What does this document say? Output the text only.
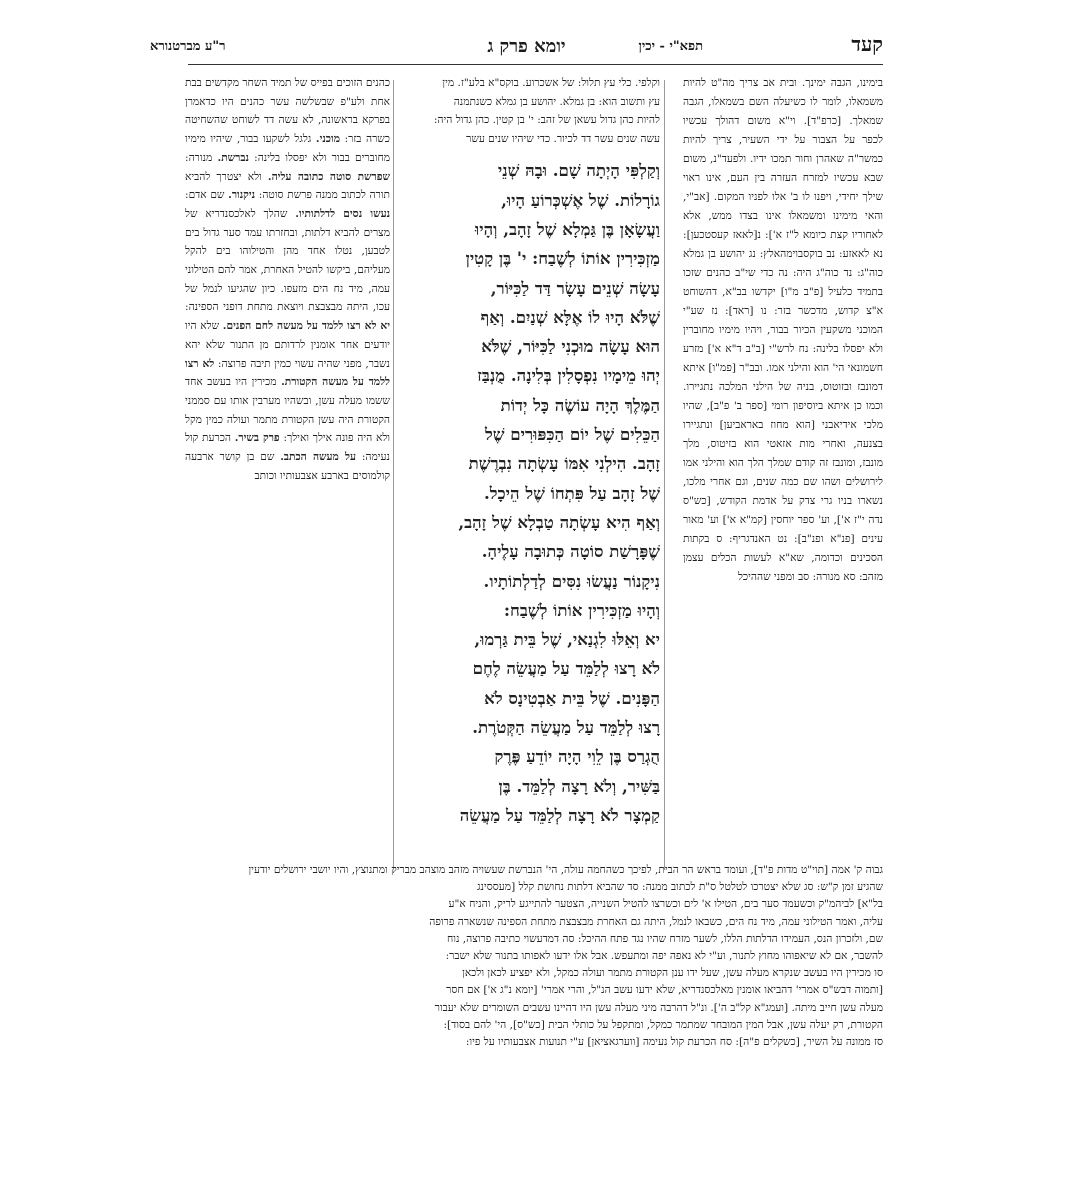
קעד
תפא"י - יכין
יומא פרק ג
ר"ע מברטנורא
בימינו, הגבה ימינך. ובית אב צריך מה"ט להיות משמאלו, לומר לו כשיעלה השם בשמאלו, הגבה שמאלך. [כרפ"ד]. וי"א משום דהולך עכשיו לכפר על הצבור על ידי השעיר, צריך להיות כמשר"ה שאהרן וחור תמכו ידיו. ולפעד"נ, משום שבא עכשיו למזרח העזרה בין העם, אינו ראוי שילך יחידי, ויפנו לו ב' אלו לפניו המקום. [אב"י, והאי מימינו ומשמאלו אינו בצדו ממש, אלא לאחוריו קצת כיומא ל"ז א']: נ[לאאז קעסטכען]: נא לאאזע: נב בוקסבוימהאלץ: נג יהושע בן גמלא כוה"ג: נד כוה"ג היה: נה כדי שי"ב כהנים שזכו בתמיד כלעיל [פ"ב מ"ו] יקדשו בב"א, דהשוחט א"צ קדוש, מדכשר בזר: נו [ראד]: נז שע"י המוכני משקעין הכיור בבור, ויהיו מימיו מחוברין ולא יפסלו בלינה: נח לרש"י [ב"ב ד"א א'] מזרע חשמונאי הי' הוא והילני אמו. ובב"ר [פמ"ו] איתא דמונבז ובזוטוס, בניה של הילני המלכה נתגיירו. וכמו כן איתא ביוסיפון רומי [ספר ב' פ"ב], שהיו מלכי אידיאבני [הוא מחוז באראביען] ונתגיירו בצנעה, ואחרי מות אזאטי הוא בזיטוס, מלך מונבז, ומונבז זה קודם שמלך הלך הוא והילני אמו לירושלים ושהו שם כמה שנים, וגם אחרי מלכו, נשארו בניו גרי צדק על אדמת הקודש, [כש"ס נדה י"ז א'], וע' ספר יוחסין [קמ"א א'] וע' מאור עינים [פנ"א ופנ"ב]: נט האנדגריף: ס בקתות הסכינים וכדומה, שא"א לעשות הכלים עצמן מזהב: סא מנורה: סב ומפני שההיכל
וקלפי. כלי עץ תלול: של אשכרוע. בוקס"א בלע"ז. מין
עץ ותשוב הוא: בן גמלא. יהושע בן גמלא כשנתמנה
להיות כהן גדול עשאן של זהב: י' בן קטין. כהן גדול היה:
עשה שנים עשר דד לכיור. כדי שיהיו שנים עשר
וְקַלְפִּי הָיְתָה שָׁם. וּבָהּ שְׁנֵי
גוֹרָלוֹת. שֶׁל אֶשְׁכְּרוֹעַ הָיוּ,
וַעֲשָׂאָן בֶּן גַּמְלָא שֶׁל זָהָב, וְהָיוּ
מַזְכִּירִין אוֹתוֹ לְשֶׁבַח: י' בֶּן קָטִין
עָשָׂה שְׁנֵים עָשָׂר דַּד לַכִּיּוֹר,
שֶׁלֹּא הָיוּ לוֹ אֶלָּא שְׁנַיִם. וְאַף
הוּא עָשָׂה מוּכְנִי לַכִּיּוֹר, שֶׁלֹּא
יְהוּ מֵימָיו נִפְסָלִין בְּלִינָה. מֻנְבַּז
הַמֶּלֶךְ הָיָה עוֹשֶׂה כָּל יְדוֹת
הַכֵּלִים שֶׁל יוֹם הַכִּפּוּרִים שֶׁל
זָהָב. הִילְנִי אִמּוֹ עָשְׂתָה נִבְרֶשֶׁת
שֶׁל זָהָב עַל פִּתְחוֹ שֶׁל הֵיכָל.
וְאַף הִיא עָשְׂתָה טַבְלָא שֶׁל זָהָב,
שֶׁפָּרָשַׁת סוֹטָה כְּתוּבָה עָלֶיהָ.
נִיקָנוֹר נַעֲשׂוּ נִסִּים לְדַלְתוֹתָיו.
וְהָיוּ מַזְכִּירִין אוֹתוֹ לְשֶׁבַח:
יא וְאֵלּוּ לִגְנַאי, שֶׁל בֵּית גַּרְמוּ,
לֹא רָצוּ לְלַמֵּד עַל מַעֲשֵׂה לֶחֶם
הַפָּנִים. שֶׁל בֵּית אַבְטִינָס לֹא
רָצוּ לְלַמֵּד עַל מַעֲשֵׂה הַקְּטֹרֶת.
הֻגְרַס בֶּן לֵוִי הָיָה יוֹדֵעַ פֶּרֶק
בַּשִּׁיר, וְלֹא רָצָה לְלַמֵּד. בֶּן
קַמְצָר לֹא רָצָה לְלַמֵּד עַל מַעֲשֵׂה
כהנים הזוכים בפייס של תמיד השחר מקדשים בבת אחת ולע"פ שבשלשה עשר כהנים היו כדאמרן בפרקא בראשונה, לא עשה דד לשוחט שהשחיטה כשרה בזר: מוכני. גלגל לשקעו בבור, שיהיו מימיו מחוברים בבור ולא יפסלו בלינה: נברשת. מנורה: שפרשת סוטה כתובה עליה. ולא יצטרך להביא תורה לכתוב ממנה פרשת סוטה: ניקנור. שם אדם: נעשו נסים לדלתותיו. שהלך לאלכסנדריא של מצרים להביא דלתות, ובחזרתו עמד סער גדול בים לטבען, נטלו אחד מהן והטילוהו בים להקל מעליהם, ביקשו להטיל האחרת, אמר להם הטילוני עמה, מיד נח הים מזעפו. כיון שהגיעו לנמל של עכו, היתה מבצבצת ויוצאת מתחת דופני הספינה: יא לא רצו ללמד על מעשה לחם הפנים. שלא היו יודעים אחר אומנין לרדותם מן התנור שלא יהא נשבר, מפני שהיה עשוי כמין תיבה פרוצה: לא רצו ללמד על מעשה הקטורת. מכירין היו בעשב אחד ששמו מעלה עשן, ובשהיו מערבין אותו עם סממני הקטורת היה עשן הקטורת מתמר ועולה כמין מקל ולא היה פונה אילך ואילך: פרק בשיר. הכרעת קול נעימה: על מעשה הכתב. שם בן קושר ארבעה קולמוסים בארבע אצבעותיו וכותב
גבוה ק' אמה [תוי"ט מדות פ"ד], ועומד בראש הר הבית, לפיכך כשהחמה עולה, הי' הנברשת שעשויה מזהב מוצהב מבריק ומתנוצץ, והיו יושבי ירושלים יודעין
שהגיע זמן ק"ש: סג שלא יצטרכו לטלטל ס"ת לכתוב ממנה: סד שהביא דלתות נחושת קלל [מעססינג
בל"א] לביהמ"ק וכשעמד סער בים, הטילו א' לים וכשרצו להטיל השנייה, הצטער להתייגע לריק, והניח א"ע
עליה, ואמר הטילוני עמה, מיד נח הים, כשבאו לנמל, היתה גם האחרת מבצבצת מתחת הספינה שנשארה פרופה
שם, ולזכרון הנס, העמידו הדלתות הללו, לשער מזרח שהיו נגד פתח ההיכל: סה דמדעשוי כתיבה פרוצה, נוח
להשבר, אם לא שיאפוהו מחוץ לתנור, וע"י לא נאפה יפה ומתעפש. אבל אלו ידעו לאפותו בתנור שלא ישבר:
סו מכירין היו בעשב שנקרא מעלה עשן, שעל ידו ענן הקטורת מתמר ועולה כמקל, ולא יפציע לכאן ולכאן
[ותמוה דבש"ס אמרי' דהביאו אומנין מאלכסנדריא, שלא ידעו עשב הנ"ל, והרי אמרי' [יומא נ"ג א'] אם חסר
מעלה עשן חייב מיתה. [ועמג"א קל"ב ה']. ונ"ל דהרבה מיני מעלה עשן היו דהיינו עשבים השומרים שלא יעבור
הקטורת, רק יעלה עשן, אבל המין המובחר שמתמר כמקל, ומתקפל על כותלי הבית [כש"ס], הי' להם בסוד]:
סז ממונה על השיר, [כשקלים פ"ה]: סח הכרעת קול נעימה [ווערגאציאן] ע"י תנועות אצבעותיו על פיו:
